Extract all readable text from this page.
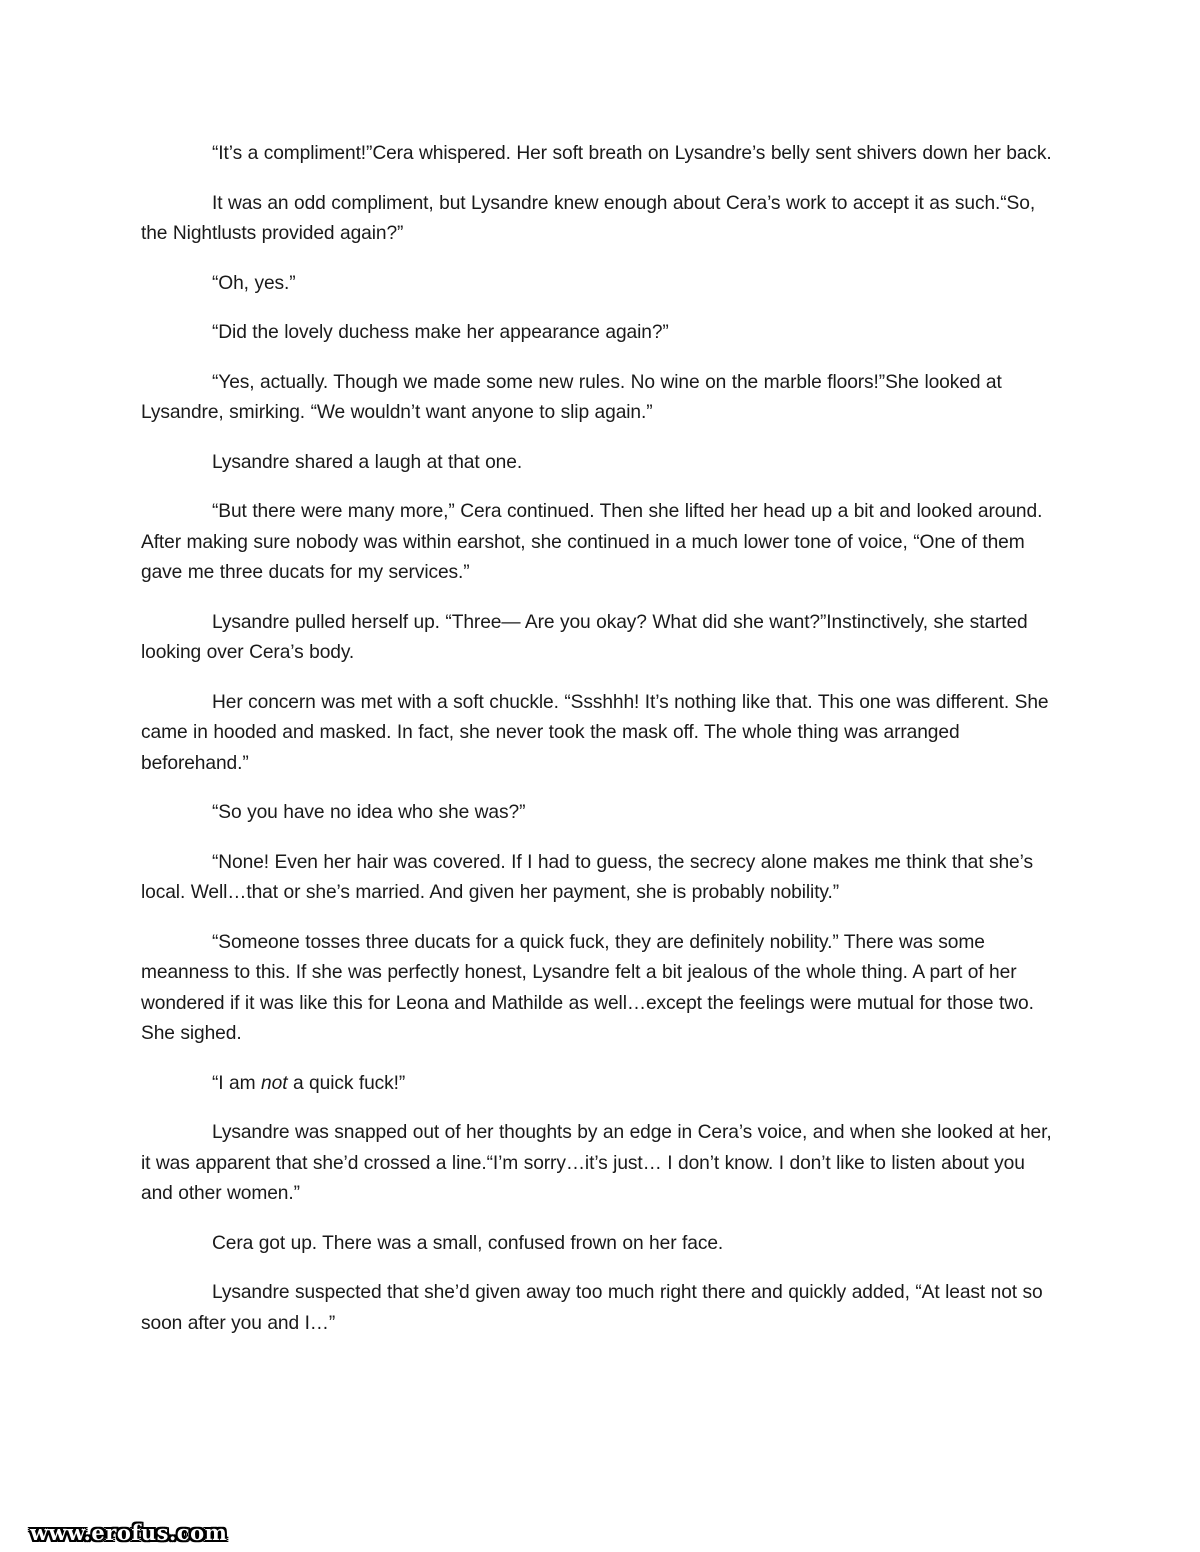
“It’s a compliment!”Cera whispered. Her soft breath on Lysandre’s belly sent shivers down her back.

It was an odd compliment, but Lysandre knew enough about Cera’s work to accept it as such.“So, the Nightlusts provided again?”

“Oh, yes.”

“Did the lovely duchess make her appearance again?”

“Yes, actually. Though we made some new rules. No wine on the marble floors!”She looked at Lysandre, smirking. “We wouldn’t want anyone to slip again.”

Lysandre shared a laugh at that one.

“But there were many more,” Cera continued. Then she lifted her head up a bit and looked around. After making sure nobody was within earshot, she continued in a much lower tone of voice, “One of them gave me three ducats for my services.”

Lysandre pulled herself up. “Three— Are you okay? What did she want?”Instinctively, she started looking over Cera’s body.

Her concern was met with a soft chuckle. “Ssshhh! It’s nothing like that. This one was different. She came in hooded and masked. In fact, she never took the mask off. The whole thing was arranged beforehand.”

“So you have no idea who she was?”

“None! Even her hair was covered. If I had to guess, the secrecy alone makes me think that she’s local. Well…that or she’s married. And given her payment, she is probably nobility.”

“Someone tosses three ducats for a quick fuck, they are definitely nobility.” There was some meanness to this. If she was perfectly honest, Lysandre felt a bit jealous of the whole thing. A part of her wondered if it was like this for Leona and Mathilde as well…except the feelings were mutual for those two. She sighed.

“I am not a quick fuck!”

Lysandre was snapped out of her thoughts by an edge in Cera’s voice, and when she looked at her, it was apparent that she’d crossed a line.“I’m sorry…it’s just… I don’t know. I don’t like to listen about you and other women.”

Cera got up. There was a small, confused frown on her face.

Lysandre suspected that she’d given away too much right there and quickly added, “At least not so soon after you and I…”

www.erofus.com
